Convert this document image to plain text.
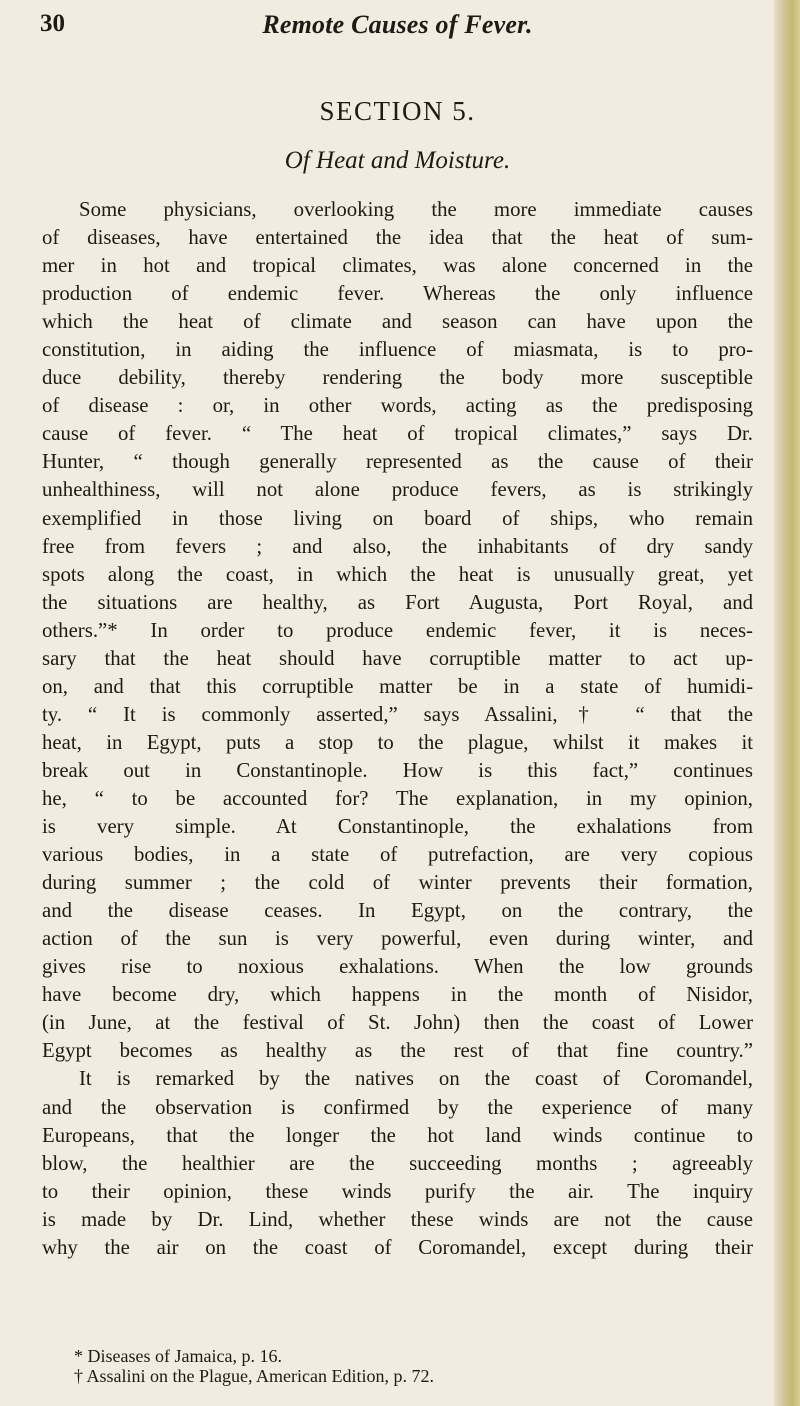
30	Remote Causes of Fever.
SECTION 5.
Of Heat and Moisture.
Some physicians, overlooking the more immediate causes
of diseases, have entertained the idea that the heat of sum-
mer in hot and tropical climates, was alone concerned in the
production of endemic fever. Whereas the only influence
which the heat of climate and season can have upon the
constitution, in aiding the influence of miasmata, is to pro-
duce debility, thereby rendering the body more susceptible
of disease : or, in other words, acting as the predisposing
cause of fever. “ The heat of tropical climates,” says Dr.
Hunter, “ though generally represented as the cause of their
unhealthiness, will not alone produce fevers, as is strikingly
exemplified in those living on board of ships, who remain
free from fevers ; and also, the inhabitants of dry sandy
spots along the coast, in which the heat is unusually great, yet
the situations are healthy, as Fort Augusta, Port Royal, and
others.”* In order to produce endemic fever, it is neces-
sary that the heat should have corruptible matter to act up-
on, and that this corruptible matter be in a state of humidi-
ty. “ It is commonly asserted,” says Assalini,† “ that the
heat, in Egypt, puts a stop to the plague, whilst it makes it
break out in Constantinople. How is this fact,” continues
he, “ to be accounted for? The explanation, in my opinion,
is very simple. At Constantinople, the exhalations from
various bodies, in a state of putrefaction, are very copious
during summer ; the cold of winter prevents their formation,
and the disease ceases. In Egypt, on the contrary, the
action of the sun is very powerful, even during winter, and
gives rise to noxious exhalations. When the low grounds
have become dry, which happens in the month of Nisidor,
(in June, at the festival of St. John) then the coast of Lower
Egypt becomes as healthy as the rest of that fine country.”
It is remarked by the natives on the coast of Coromandel,
and the observation is confirmed by the experience of many
Europeans, that the longer the hot land winds continue to
blow, the healthier are the succeeding months ; agreeably
to their opinion, these winds purify the air. The inquiry
is made by Dr. Lind, whether these winds are not the cause
why the air on the coast of Coromandel, except during their
* Diseases of Jamaica, p. 16.
† Assalini on the Plague, American Edition, p. 72.
